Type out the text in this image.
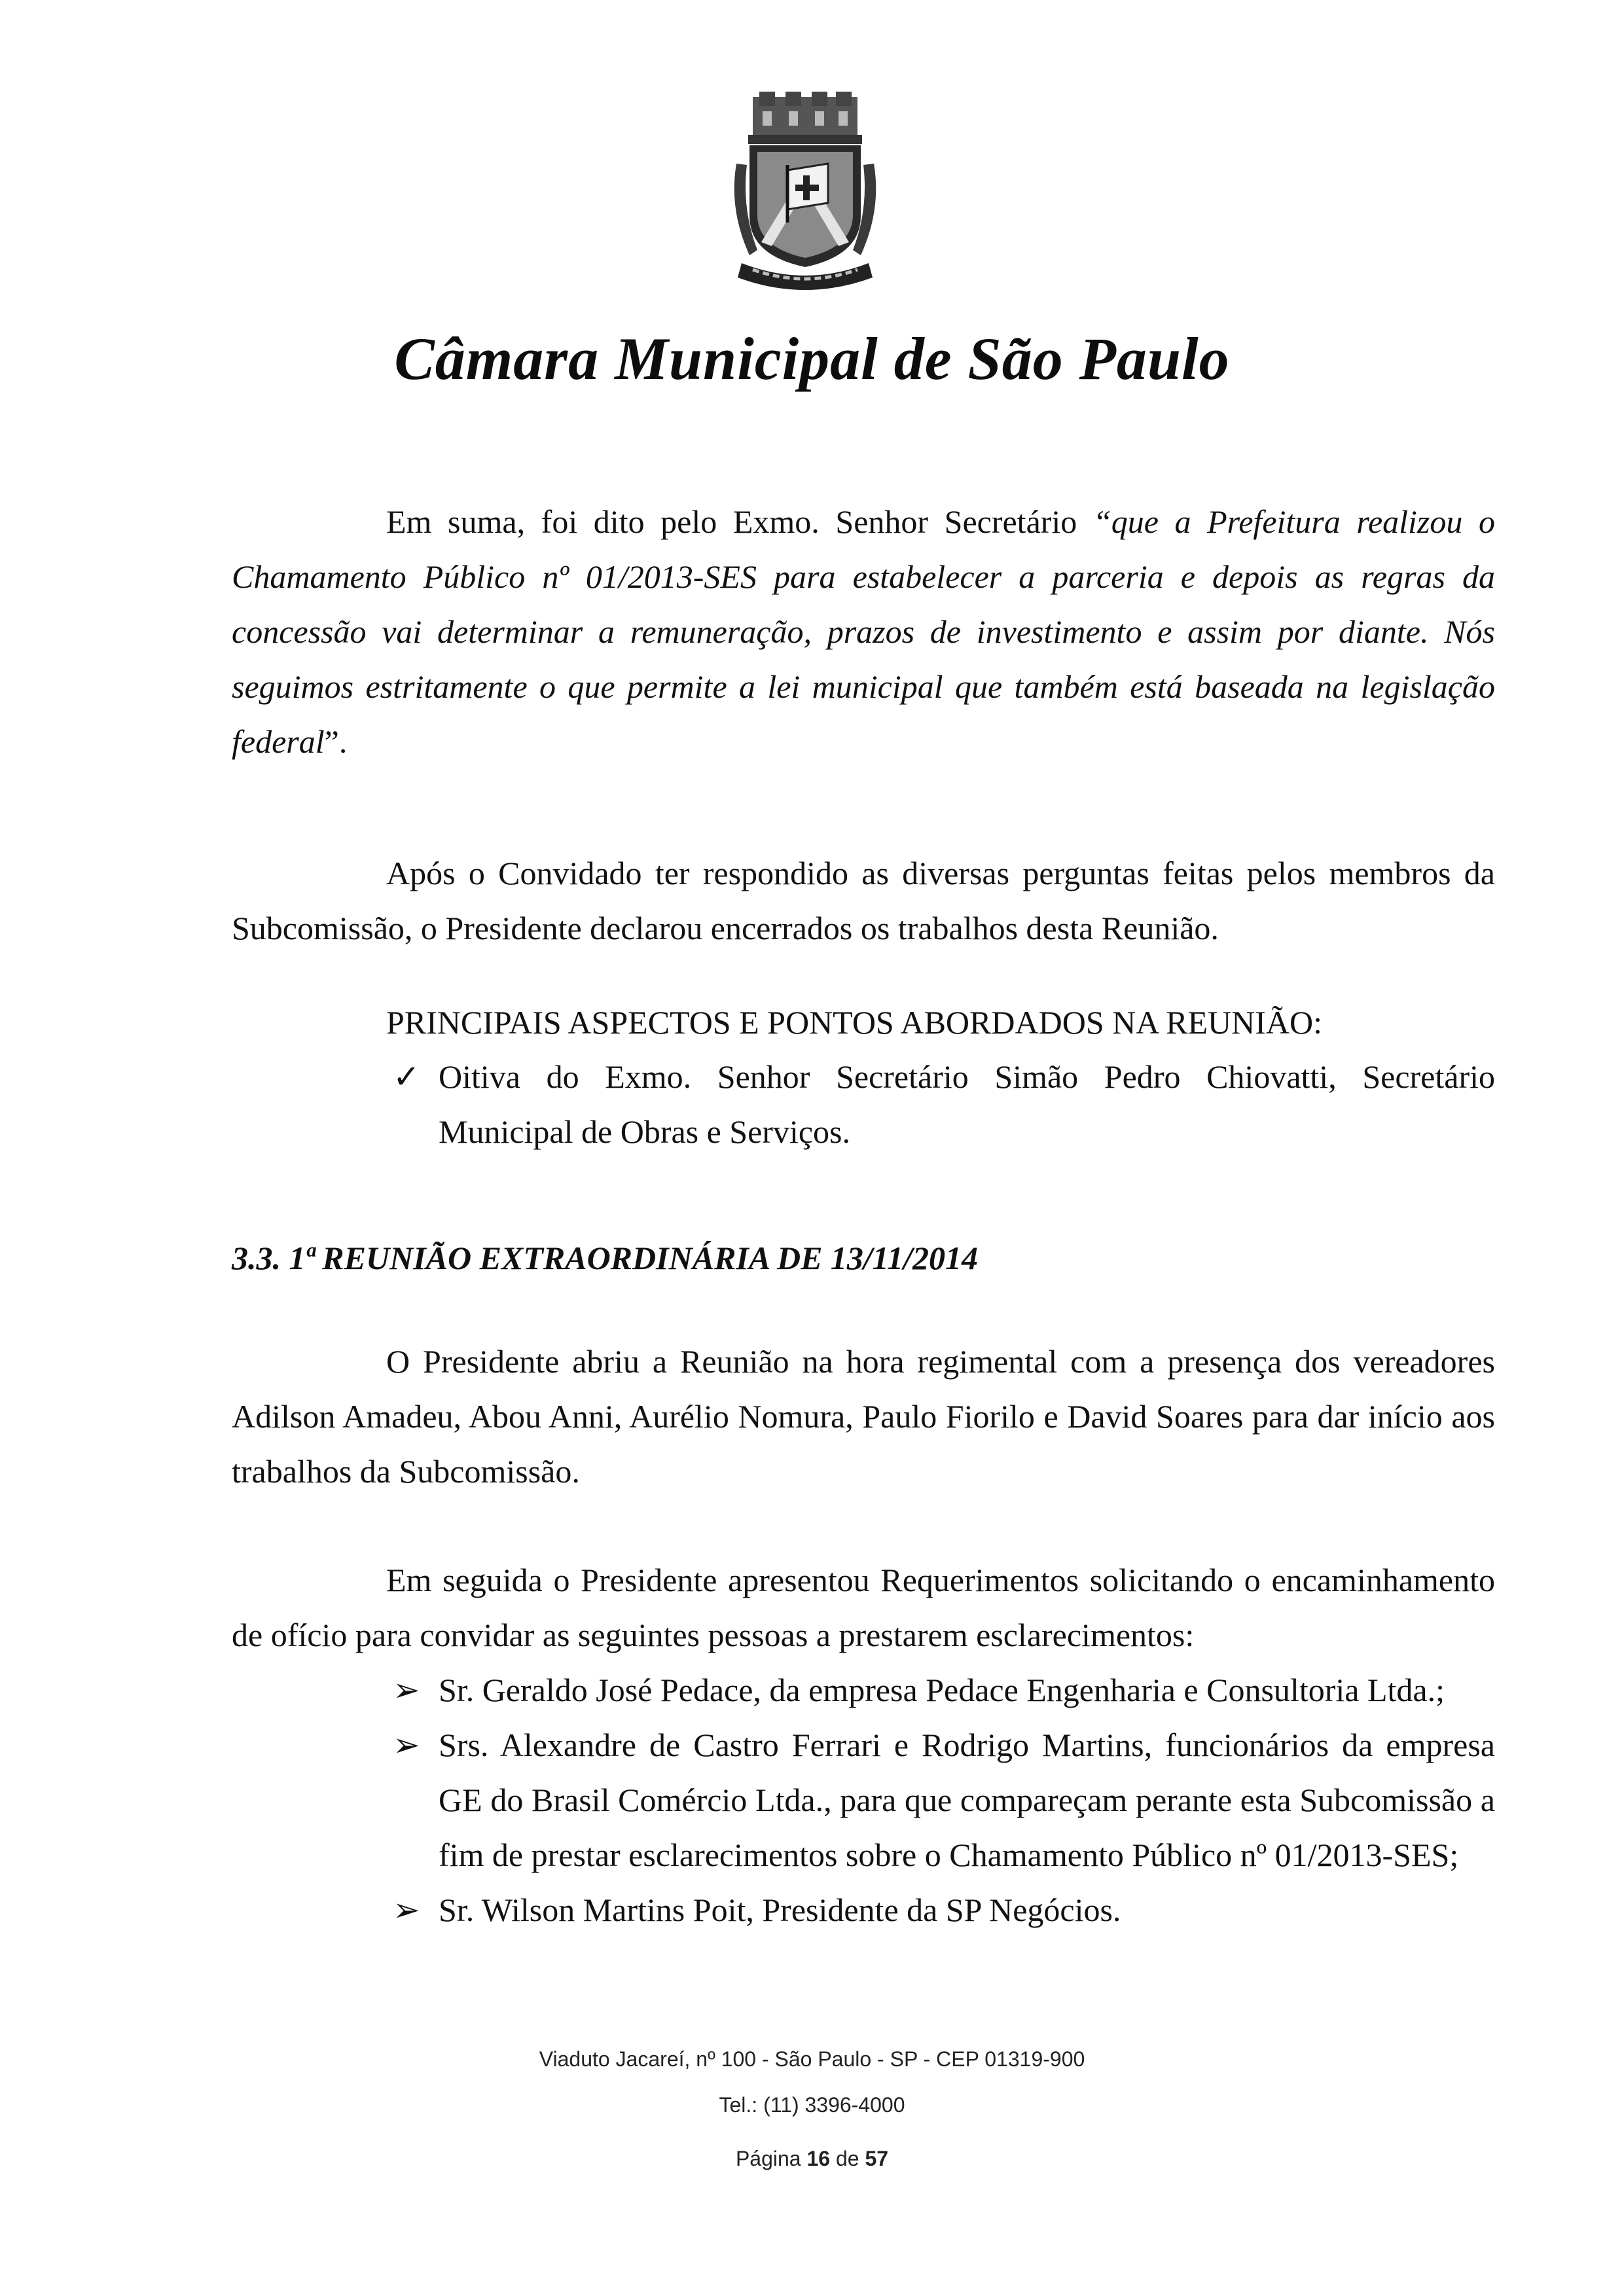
Câmara Municipal de São Paulo
Em suma, foi dito pelo Exmo. Senhor Secretário “que a Prefeitura realizou o Chamamento Público nº 01/2013-SES para estabelecer a parceria e depois as regras da concessão vai determinar a remuneração, prazos de investimento e assim por diante. Nós seguimos estritamente o que permite a lei municipal que também está baseada na legislação federal”.
Após o Convidado ter respondido as diversas perguntas feitas pelos membros da Subcomissão, o Presidente declarou encerrados os trabalhos desta Reunião.
PRINCIPAIS ASPECTOS E PONTOS ABORDADOS NA REUNIÃO:
✓ Oitiva do Exmo. Senhor Secretário Simão Pedro Chiovatti, Secretário Municipal de Obras e Serviços.
3.3. 1ª REUNIÃO EXTRAORDINÁRIA DE 13/11/2014
O Presidente abriu a Reunião na hora regimental com a presença dos vereadores Adilson Amadeu, Abou Anni, Aurélio Nomura, Paulo Fiorilo e David Soares para dar início aos trabalhos da Subcomissão.
Em seguida o Presidente apresentou Requerimentos solicitando o encaminhamento de ofício para convidar as seguintes pessoas a prestarem esclarecimentos:
➢ Sr. Geraldo José Pedace, da empresa Pedace Engenharia e Consultoria Ltda.;
➢ Srs. Alexandre de Castro Ferrari e Rodrigo Martins, funcionários da empresa GE do Brasil Comércio Ltda., para que compareçam perante esta Subcomissão a fim de prestar esclarecimentos sobre o Chamamento Público nº 01/2013-SES;
➢ Sr. Wilson Martins Poit, Presidente da SP Negócios.
Viaduto Jacareí, nº 100 - São Paulo - SP - CEP 01319-900
Tel.: (11) 3396-4000
Página 16 de 57
